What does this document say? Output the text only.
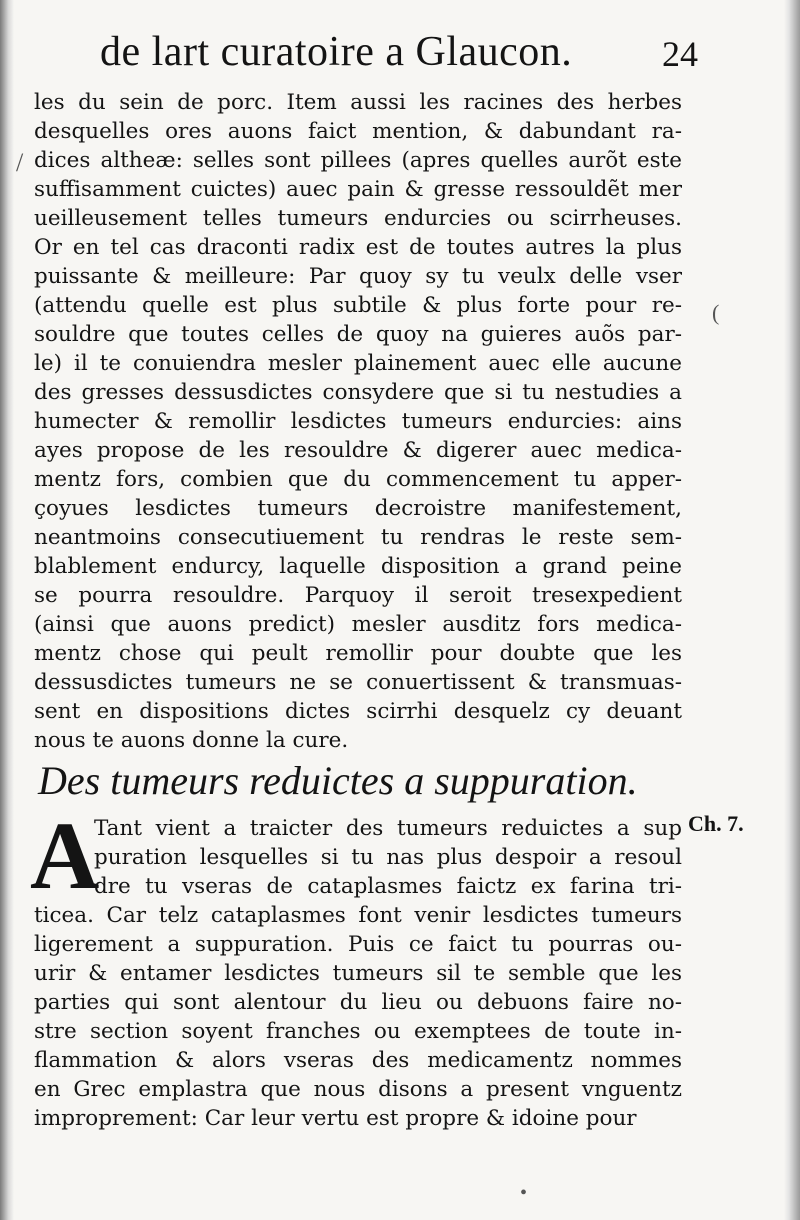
de lart curatoire a Glaucon.	24
les du sein de porc. Item aussi les racines des herbes
desquelles ores auons faict mention, & dabundant ra-
dices altheæ: selles sont pillees (apres quelles aurõt este
suffisamment cuictes) auec pain & gresse ressouldẽt mer
ueilleusement telles tumeurs endurcies ou scirrheuses.
Or en tel cas draconti radix est de toutes autres la plus
puissante & meilleure: Par quoy sy tu veulx delle vser
(attendu quelle est plus subtile & plus forte pour re-
souldre que toutes celles de quoy na guieres auõs par-
le) il te conuiendra mesler plainement auec elle aucune
des gresses dessusdictes consydere que si tu nestudies a
humecter & remollir lesdictes tumeurs endurcies: ains
ayes propose de les resouldre & digerer auec medica-
mentz fors, combien que du commencement tu apper-
çoyues lesdictes tumeurs decroistre manifestement,
neantmoins consecutiuement tu rendras le reste sem-
blablement endurcy, laquelle disposition a grand peine
se pourra resouldre. Parquoy il seroit tresexpedient
(ainsi que auons predict) mesler ausditz fors medica-
mentz chose qui peult remollir pour doubte que les
dessusdictes tumeurs ne se conuertissent & transmuas-
sent en dispositions dictes scirrhi desquelz cy deuant
nous te auons donne la cure.
Des tumeurs reduictes a suppuration.
Ch. 7.
A
Tant vient a traicter des tumeurs reduictes a sup
puration lesquelles si tu nas plus despoir a resoul
dre tu vseras de cataplasmes faictz ex farina tri-
ticea. Car telz cataplasmes font venir lesdictes tumeurs
ligerement a suppuration. Puis ce faict tu pourras ou-
urir & entamer lesdictes tumeurs sil te semble que les
parties qui sont alentour du lieu ou debuons faire no-
stre section soyent franches ou exemptees de toute in-
flammation & alors vseras des medicamentz nommes
en Grec emplastra que nous disons a present vnguentz
improprement: Car leur vertu est propre & idoine pour
/
(
•
